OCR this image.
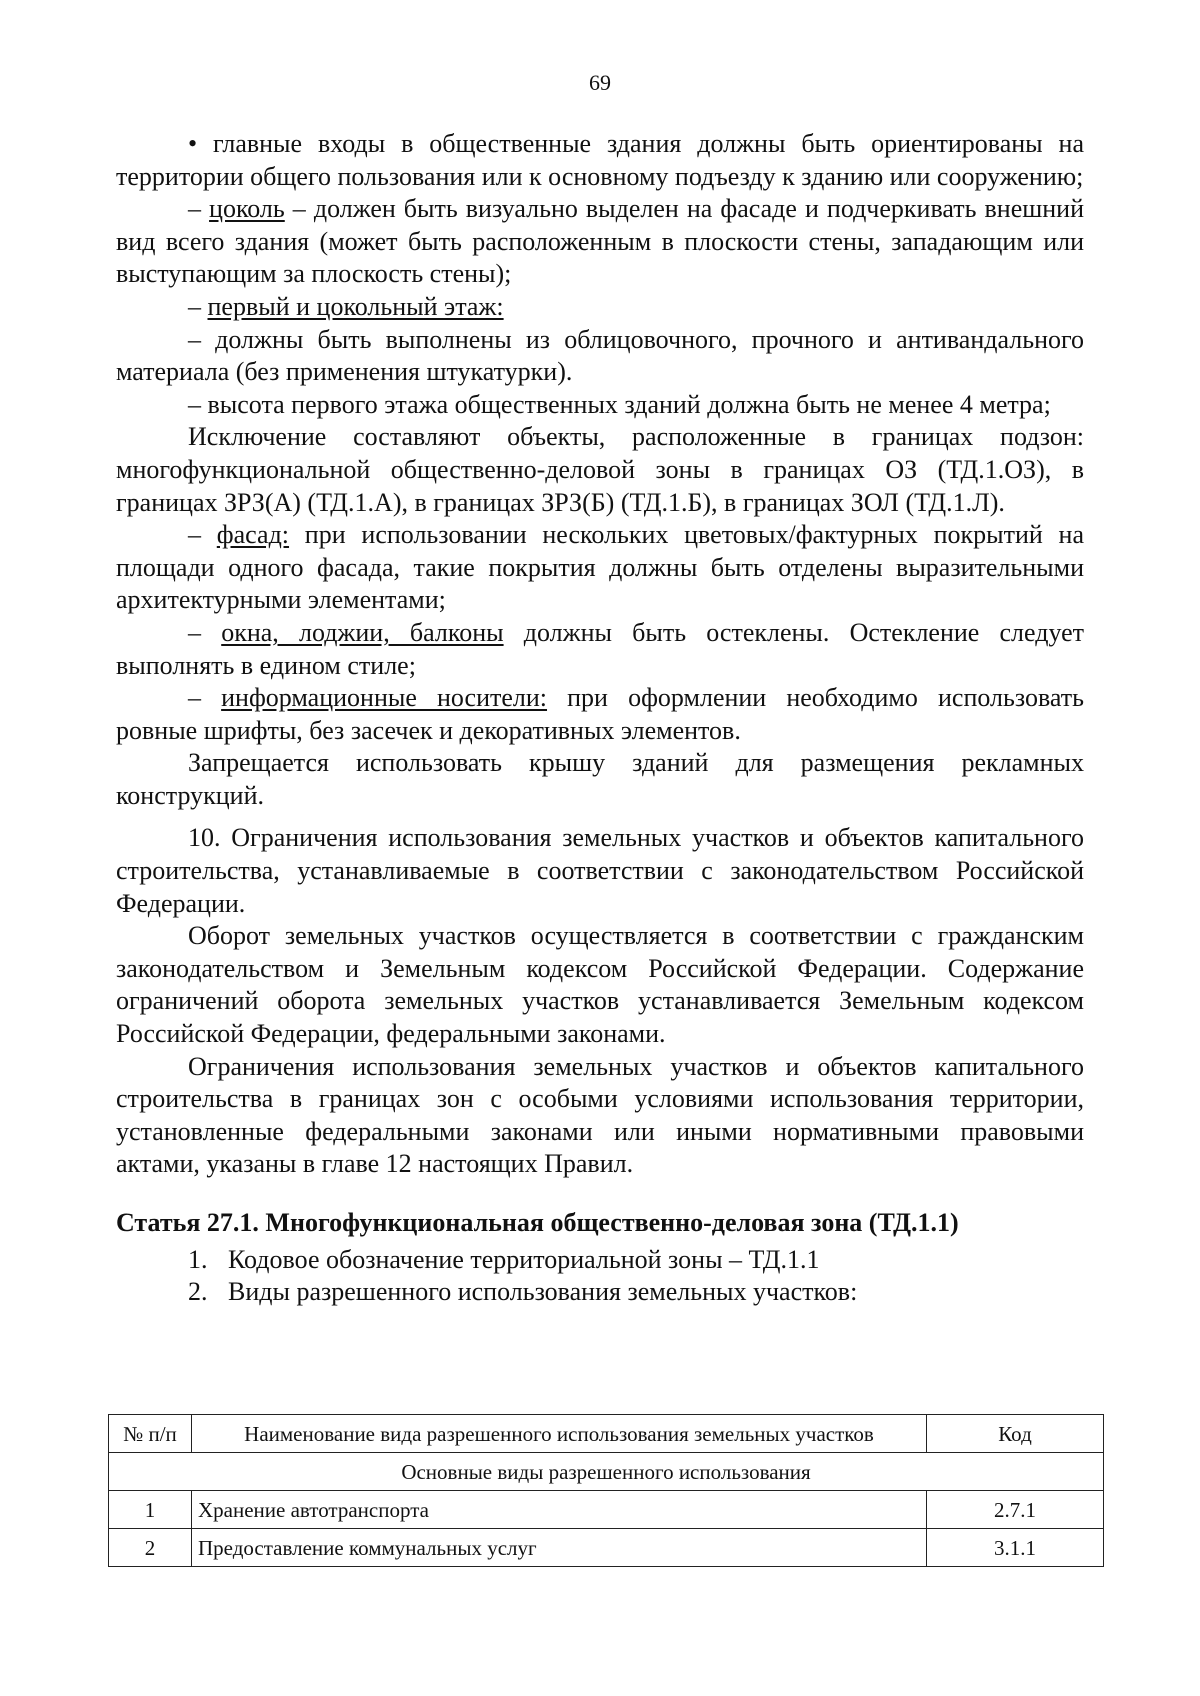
69

• главные входы в общественные здания должны быть ориентированы на территории общего пользования или к основному подъезду к зданию или сооружению;

– цоколь – должен быть визуально выделен на фасаде и подчеркивать внешний вид всего здания (может быть расположенным в плоскости стены, западающим или выступающим за плоскость стены);

– первый и цокольный этаж:

– должны быть выполнены из облицовочного, прочного и антивандального материала (без применения штукатурки).

– высота первого этажа общественных зданий должна быть не менее 4 метра;

Исключение составляют объекты, расположенные в границах подзон: многофункциональной общественно-деловой зоны в границах ОЗ (ТД.1.ОЗ), в границах ЗРЗ(А) (ТД.1.А), в границах ЗРЗ(Б) (ТД.1.Б), в границах ЗОЛ (ТД.1.Л).

– фасад: при использовании нескольких цветовых/фактурных покрытий на площади одного фасада, такие покрытия должны быть отделены выразительными архитектурными элементами;

– окна, лоджии, балконы должны быть остеклены. Остекление следует выполнять в едином стиле;

– информационные носители: при оформлении необходимо использовать ровные шрифты, без засечек и декоративных элементов.

Запрещается использовать крышу зданий для размещения рекламных конструкций.

10. Ограничения использования земельных участков и объектов капитального строительства, устанавливаемые в соответствии с законодательством Российской Федерации.

Оборот земельных участков осуществляется в соответствии с гражданским законодательством и Земельным кодексом Российской Федерации. Содержание ограничений оборота земельных участков устанавливается Земельным кодексом Российской Федерации, федеральными законами.

Ограничения использования земельных участков и объектов капитального строительства в границах зон с особыми условиями использования территории, установленные федеральными законами или иными нормативными правовыми актами, указаны в главе 12 настоящих Правил.

Статья 27.1. Многофункциональная общественно-деловая зона (ТД.1.1)

1. Кодовое обозначение территориальной зоны – ТД.1.1

2. Виды разрешенного использования земельных участков:

№ п/п	Наименование вида разрешенного использования земельных участков	Код
Основные виды разрешенного использования		
1	Хранение автотранспорта	2.7.1
2	Предоставление коммунальных услуг	3.1.1
